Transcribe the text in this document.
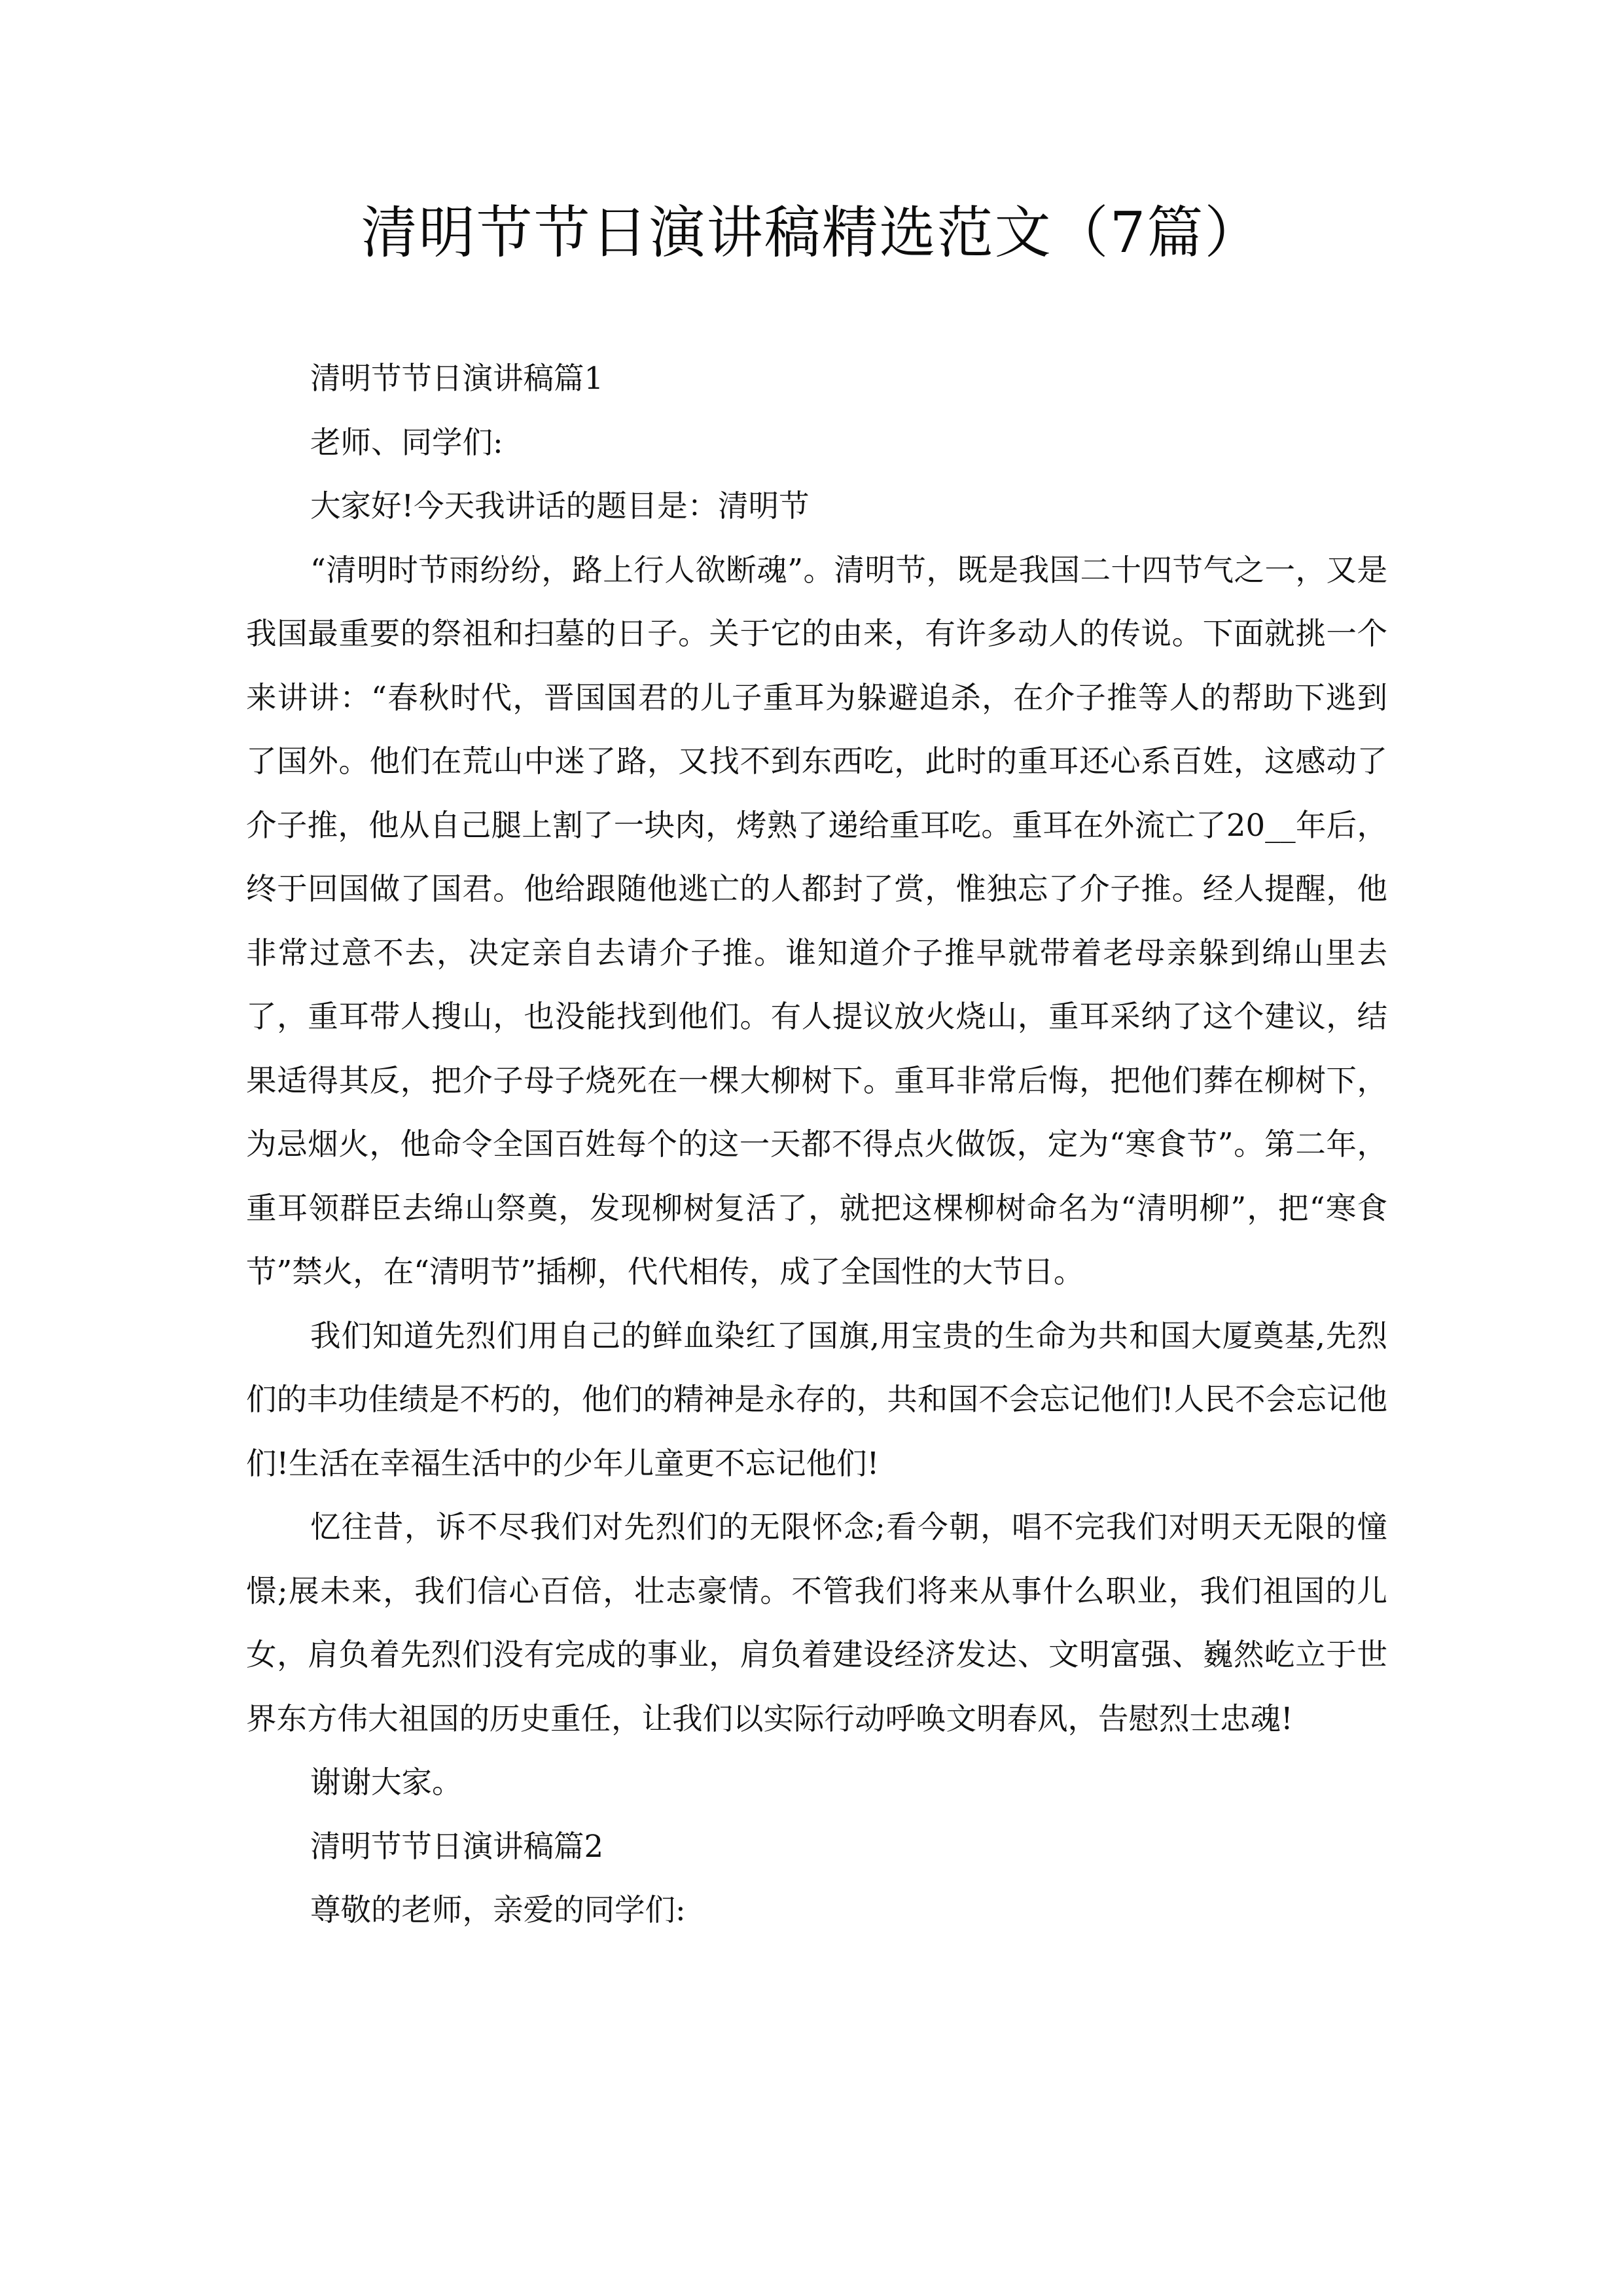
清明节节日演讲稿精选范文（7篇）

清明节节日演讲稿篇1

老师、同学们:

大家好!今天我讲话的题目是：清明节

“清明时节雨纷纷，路上行人欲断魂”。清明节，既是我国二十四节气之一，又是我国最重要的祭祖和扫墓的日子。关于它的由来，有许多动人的传说。下面就挑一个来讲讲：“春秋时代，晋国国君的儿子重耳为躲避追杀，在介子推等人的帮助下逃到了国外。他们在荒山中迷了路，又找不到东西吃，此时的重耳还心系百姓，这感动了介子推，他从自己腿上割了一块肉，烤熟了递给重耳吃。重耳在外流亡了20__年后，终于回国做了国君。他给跟随他逃亡的人都封了赏，惟独忘了介子推。经人提醒，他非常过意不去，决定亲自去请介子推。谁知道介子推早就带着老母亲躲到绵山里去了，重耳带人搜山，也没能找到他们。有人提议放火烧山，重耳采纳了这个建议，结果适得其反，把介子母子烧死在一棵大柳树下。重耳非常后悔，把他们葬在柳树下，为忌烟火，他命令全国百姓每个的这一天都不得点火做饭，定为“寒食节”。第二年，重耳领群臣去绵山祭奠，发现柳树复活了，就把这棵柳树命名为“清明柳”，把“寒食节”禁火，在“清明节”插柳，代代相传，成了全国性的大节日。

我们知道先烈们用自己的鲜血染红了国旗,用宝贵的生命为共和国大厦奠基,先烈们的丰功佳绩是不朽的，他们的精神是永存的，共和国不会忘记他们!人民不会忘记他们!生活在幸福生活中的少年儿童更不忘记他们!

忆往昔，诉不尽我们对先烈们的无限怀念;看今朝，唱不完我们对明天无限的憧憬;展未来，我们信心百倍，壮志豪情。不管我们将来从事什么职业，我们祖国的儿女，肩负着先烈们没有完成的事业，肩负着建设经济发达、文明富强、巍然屹立于世界东方伟大祖国的历史重任，让我们以实际行动呼唤文明春风，告慰烈士忠魂!

谢谢大家。

清明节节日演讲稿篇2

尊敬的老师，亲爱的同学们:
